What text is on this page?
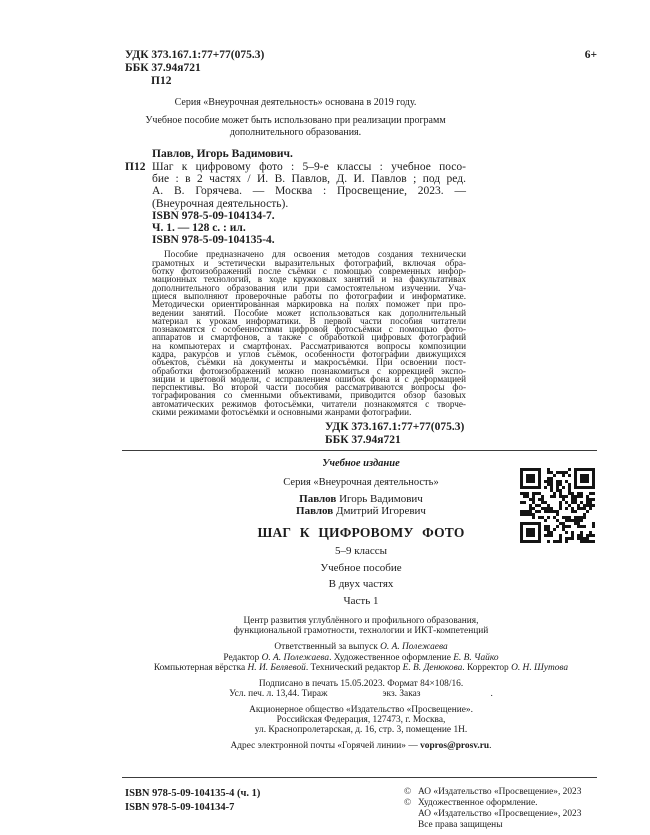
УДК 373.167.1:77+77(075.3)
ББК 37.94я721
П12
6+
Серия «Внеурочная деятельность» основана в 2019 году.
Учебное пособие может быть использовано при реализации программ
дополнительного образования.
Павлов, Игорь Вадимович.
П12 Шаг к цифровому фото : 5–9-е классы : учебное посо-
бие : в 2 частях / И. В. Павлов, Д. И. Павлов ; под ред.
А. В. Горячева. — Москва : Просвещение, 2023. —
(Внеурочная деятельность).
ISBN 978-5-09-104134-7.
Ч. 1. — 128 с. : ил.
ISBN 978-5-09-104135-4.
Пособие предназначено для освоения методов создания технически
грамотных и эстетически выразительных фотографий, включая обра-
ботку фотоизображений после съёмки с помощью современных инфор-
мационных технологий, в ходе кружковых занятий и на факультативах
дополнительного образования или при самостоятельном изучении. Уча-
щиеся выполняют проверочные работы по фотографии и информатике.
Методически ориентированная маркировка на полях поможет при про-
ведении занятий. Пособие может использоваться как дополнительный
материал к урокам информатики. В первой части пособия читатели
познакомятся с особенностями цифровой фотосъёмки с помощью фото-
аппаратов и смартфонов, а также с обработкой цифровых фотографий
на компьютерах и смартфонах. Рассматриваются вопросы композиции
кадра, ракурсов и углов съёмок, особенности фотографии движущихся
объектов, съёмки на документы и макросъёмки. При освоении пост-
обработки фотоизображений можно познакомиться с коррекцией экспо-
зиции и цветовой модели, с исправлением ошибок фона и с деформацией
перспективы. Во второй части пособия рассматриваются вопросы фо-
тографирования со сменными объективами, приводится обзор базовых
автоматических режимов фотосъёмки, читатели познакомятся с творче-
скими режимами фотосъёмки и основными жанрами фотографии.
УДК 373.167.1:77+77(075.3)
ББК 37.94я721
Учебное издание
Серия «Внеурочная деятельность»
Павлов Игорь Вадимович
Павлов Дмитрий Игоревич
ШАГ К ЦИФРОВОМУ ФОТО
5–9 классы
Учебное пособие
В двух частях
Часть 1
Центр развития углублённого и профильного образования,
функциональной грамотности, технологии и ИКТ-компетенций
Ответственный за выпуск О. А. Полежаева
Редактор О. А. Полежаева. Художественное оформление Е. В. Чайко
Компьютерная вёрстка Н. И. Беляевой. Технический редактор Е. В. Денюкова. Корректор О. Н. Шутова
Подписано в печать 15.05.2023. Формат 84×108/16.
Усл. печ. л. 13,44. Тираж	экз. Заказ	.
Акционерное общество «Издательство «Просвещение».
Российская Федерация, 127473, г. Москва,
ул. Краснопролетарская, д. 16, стр. 3, помещение 1Н.
Адрес электронной почты «Горячей линии» — vopros@prosv.ru.
ISBN 978-5-09-104135-4 (ч. 1)
ISBN 978-5-09-104134-7
© АО «Издательство «Просвещение», 2023
© Художественное оформление.
АО «Издательство «Просвещение», 2023
Все права защищены
